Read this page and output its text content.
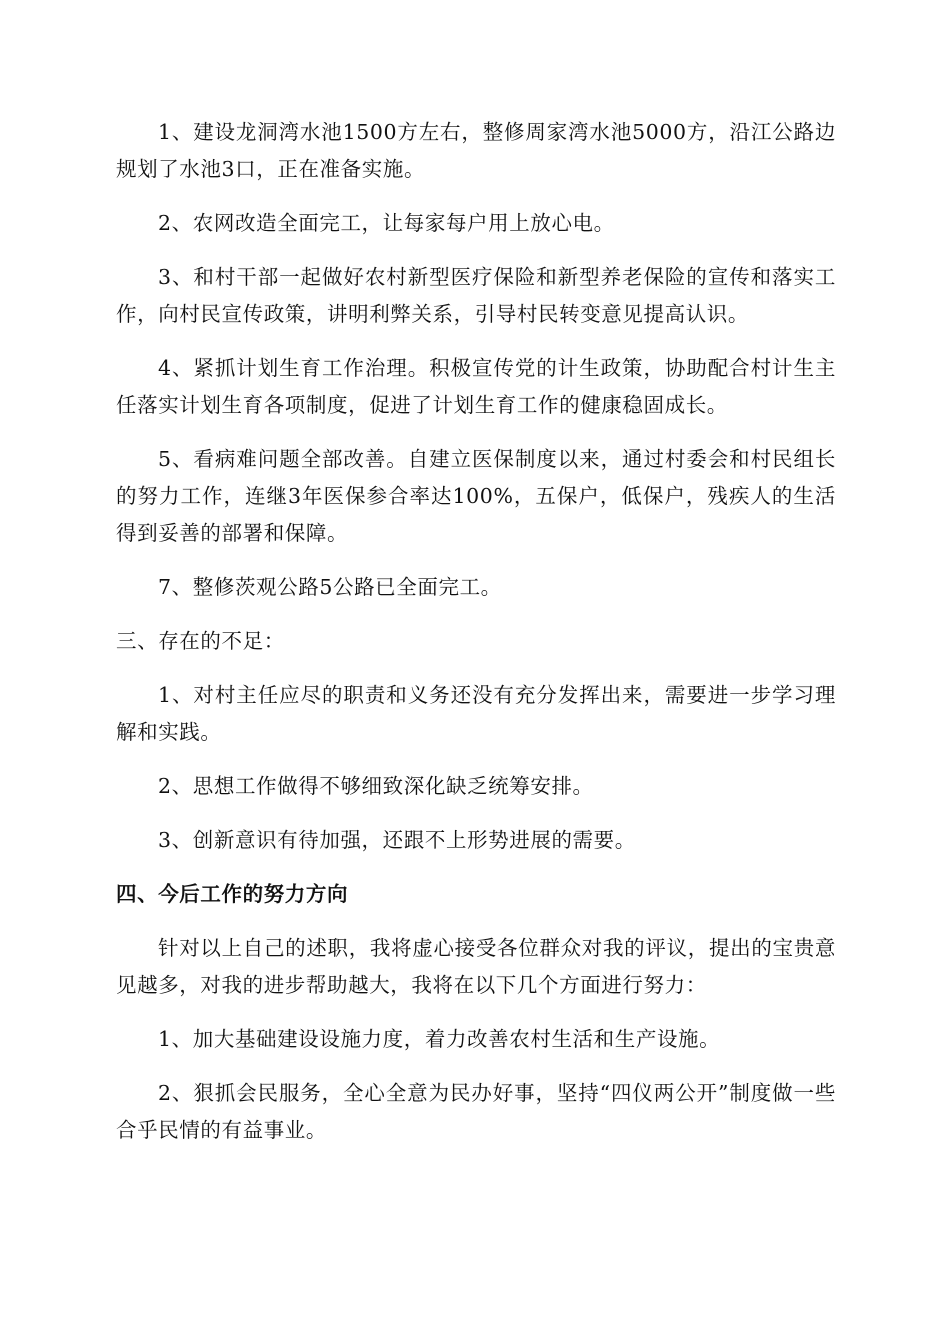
1、建设龙洞湾水池1500方左右，整修周家湾水池5000方，沿江公路边规划了水池3口，正在准备实施。

2、农网改造全面完工，让每家每户用上放心电。

3、和村干部一起做好农村新型医疗保险和新型养老保险的宣传和落实工作，向村民宣传政策，讲明利弊关系，引导村民转变意见提高认识。

4、紧抓计划生育工作治理。积极宣传党的计生政策，协助配合村计生主任落实计划生育各项制度，促进了计划生育工作的健康稳固成长。

5、看病难问题全部改善。自建立医保制度以来，通过村委会和村民组长的努力工作，连继3年医保参合率达100%，五保户，低保户，残疾人的生活得到妥善的部署和保障。

7、整修茨观公路5公路已全面完工。

三、存在的不足：

1、对村主任应尽的职责和义务还没有充分发挥出来，需要进一步学习理解和实践。

2、思想工作做得不够细致深化缺乏统筹安排。

3、创新意识有待加强，还跟不上形势进展的需要。

四、今后工作的努力方向

针对以上自己的述职，我将虚心接受各位群众对我的评议，提出的宝贵意见越多，对我的进步帮助越大，我将在以下几个方面进行努力：

1、加大基础建设设施力度，着力改善农村生活和生产设施。

2、狠抓会民服务，全心全意为民办好事，坚持“四仪两公开”制度做一些合乎民情的有益事业。
